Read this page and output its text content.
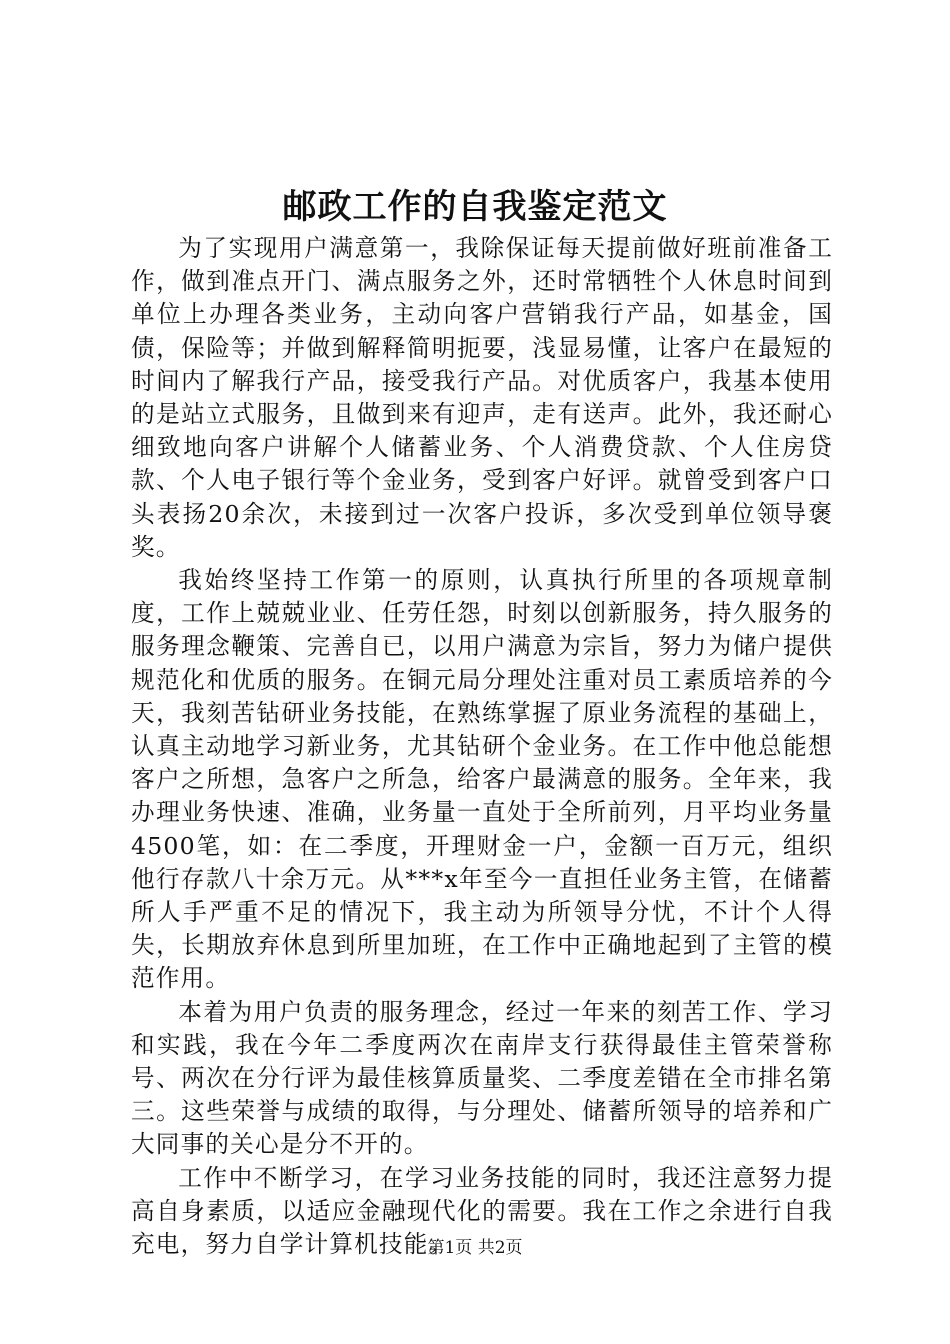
邮政工作的自我鉴定范文

为了实现用户满意第一，我除保证每天提前做好班前准备工作，做到准点开门、满点服务之外，还时常牺牲个人休息时间到单位上办理各类业务，主动向客户营销我行产品，如基金，国债，保险等；并做到解释简明扼要，浅显易懂，让客户在最短的时间内了解我行产品，接受我行产品。对优质客户，我基本使用的是站立式服务，且做到来有迎声，走有送声。此外，我还耐心细致地向客户讲解个人储蓄业务、个人消费贷款、个人住房贷款、个人电子银行等个金业务，受到客户好评。就曾受到客户口头表扬20余次，未接到过一次客户投诉，多次受到单位领导褒奖。

我始终坚持工作第一的原则，认真执行所里的各项规章制度，工作上兢兢业业、任劳任怨，时刻以创新服务，持久服务的服务理念鞭策、完善自已，以用户满意为宗旨，努力为储户提供规范化和优质的服务。在铜元局分理处注重对员工素质培养的今天，我刻苦钻研业务技能，在熟练掌握了原业务流程的基础上，认真主动地学习新业务，尤其钻研个金业务。在工作中他总能想客户之所想，急客户之所急，给客户最满意的服务。全年来，我办理业务快速、准确，业务量一直处于全所前列，月平均业务量4500笔，如：在二季度，开理财金一户，金额一百万元，组织他行存款八十余万元。从***x年至今一直担任业务主管，在储蓄所人手严重不足的情况下，我主动为所领导分忧，不计个人得失，长期放弃休息到所里加班，在工作中正确地起到了主管的模范作用。

本着为用户负责的服务理念，经过一年来的刻苦工作、学习和实践，我在今年二季度两次在南岸支行获得最佳主管荣誉称号、两次在分行评为最佳核算质量奖、二季度差错在全市排名第三。这些荣誉与成绩的取得，与分理处、储蓄所领导的培养和广大同事的关心是分不开的。

工作中不断学习，在学习业务技能的同时，我还注意努力提高自身素质，以适应金融现代化的需要。我在工作之余进行自我充电，努力自学计算机技能。

第1页 共2页
